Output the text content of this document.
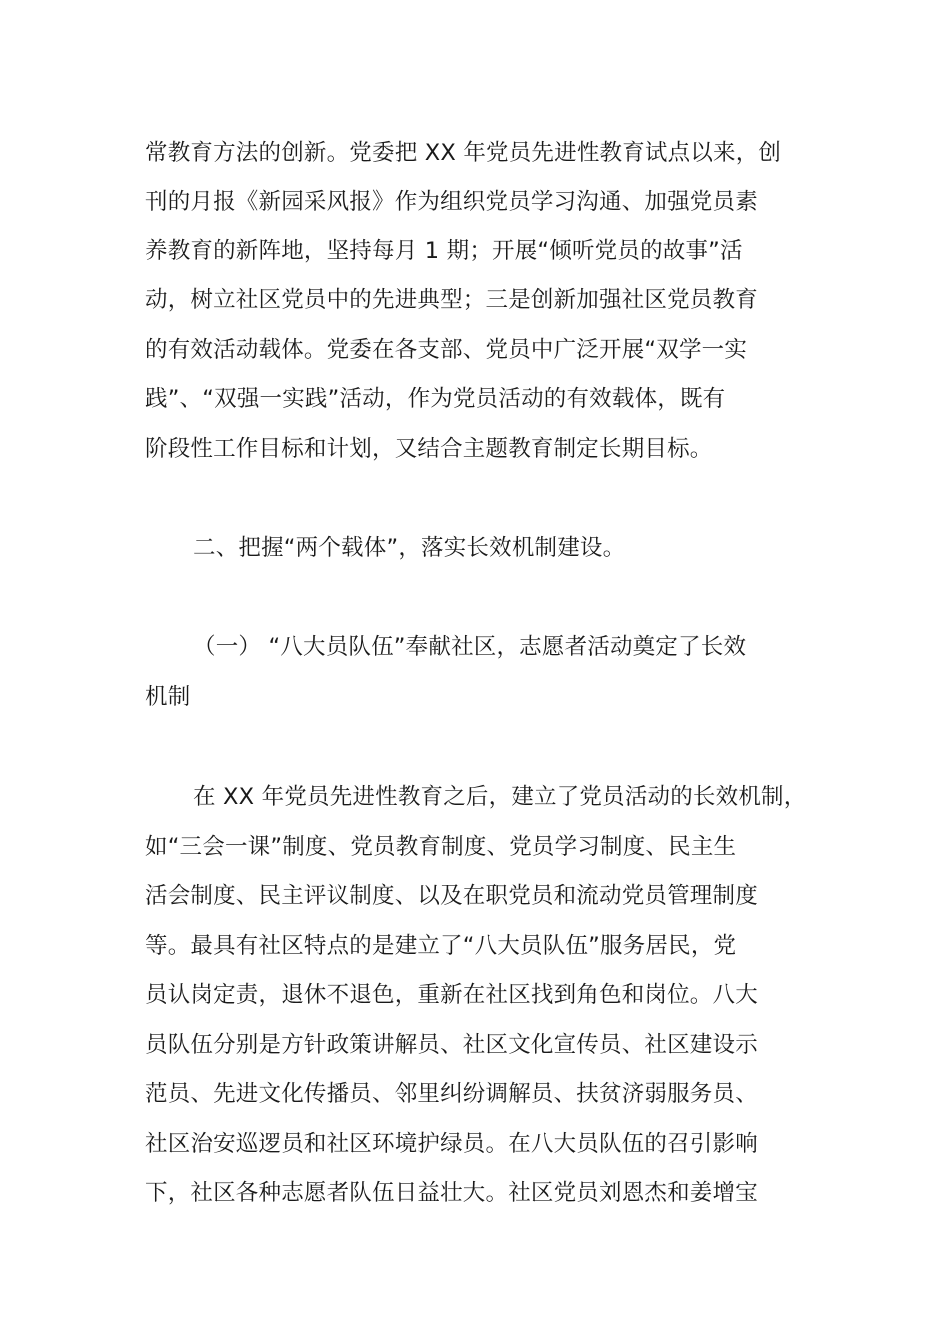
常教育方法的创新。党委把 XX 年党员先进性教育试点以来，创
刊的月报《新园采风报》作为组织党员学习沟通、加强党员素
养教育的新阵地，坚持每月 1 期；开展“倾听党员的故事”活
动，树立社区党员中的先进典型；三是创新加强社区党员教育
的有效活动载体。党委在各支部、党员中广泛开展“双学一实
践”、“双强一实践”活动，作为党员活动的有效载体，既有
阶段性工作目标和计划，又结合主题教育制定长期目标。
二、把握“两个载体”，落实长效机制建设。
（一） “八大员队伍”奉献社区，志愿者活动奠定了长效
机制
在 XX 年党员先进性教育之后，建立了党员活动的长效机制，
如“三会一课”制度、党员教育制度、党员学习制度、民主生
活会制度、民主评议制度、以及在职党员和流动党员管理制度
等。最具有社区特点的是建立了“八大员队伍”服务居民，党
员认岗定责，退休不退色，重新在社区找到角色和岗位。八大
员队伍分别是方针政策讲解员、社区文化宣传员、社区建设示
范员、先进文化传播员、邻里纠纷调解员、扶贫济弱服务员、
社区治安巡逻员和社区环境护绿员。在八大员队伍的召引影响
下，社区各种志愿者队伍日益壮大。社区党员刘恩杰和姜增宝
